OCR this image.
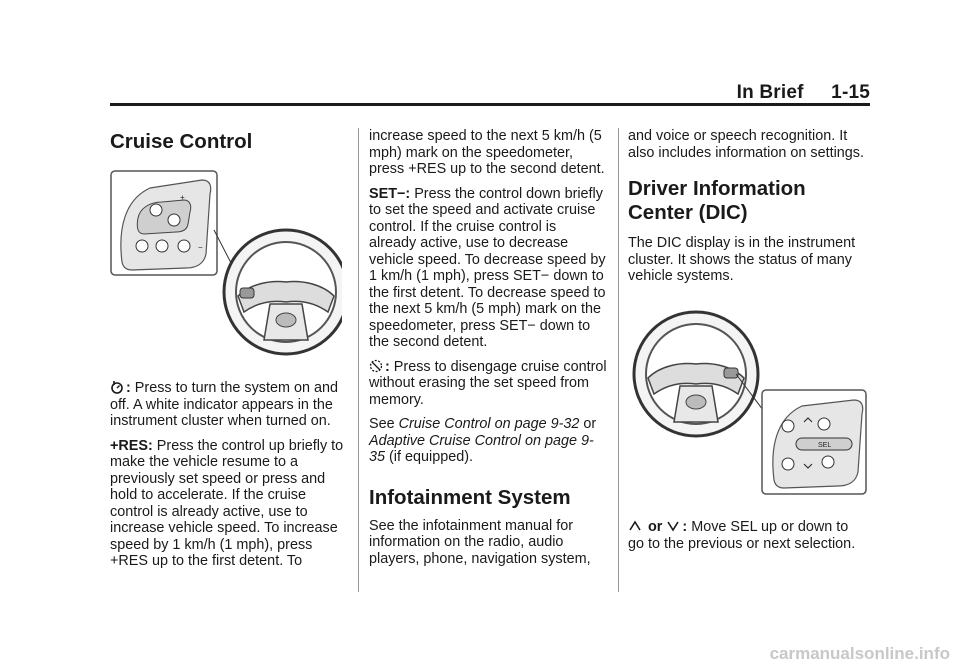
In Brief 1-15
Cruise Control
+
−

: Press to turn the system on and off. A white indicator appears in the instrument cluster when turned on.

+RES: Press the control up briefly to make the vehicle resume to a previously set speed or press and hold to accelerate. If the cruise control is already active, use to increase vehicle speed. To increase speed by 1 km/h (1 mph), press +RES up to the first detent. To

increase speed to the next 5 km/h (5 mph) mark on the speedometer, press +RES up to the second detent.

SET−: Press the control down briefly to set the speed and activate cruise control. If the cruise control is already active, use to decrease vehicle speed. To decrease speed by 1 km/h (1 mph), press SET− down to the first detent. To decrease speed to the next 5 km/h (5 mph) mark on the speedometer, press SET− down to the second detent.

: Press to disengage cruise control without erasing the set speed from memory.

See Cruise Control on page 9-32 or Adaptive Cruise Control on page 9-35 (if equipped).

Infotainment System

See the infotainment manual for information on the radio, audio players, phone, navigation system,

and voice or speech recognition. It also includes information on settings.

Driver Information Center (DIC)

The DIC display is in the instrument cluster. It shows the status of many vehicle systems.

SEL

or : Move SEL up or down to go to the previous or next selection.

carmanualsonline.info
